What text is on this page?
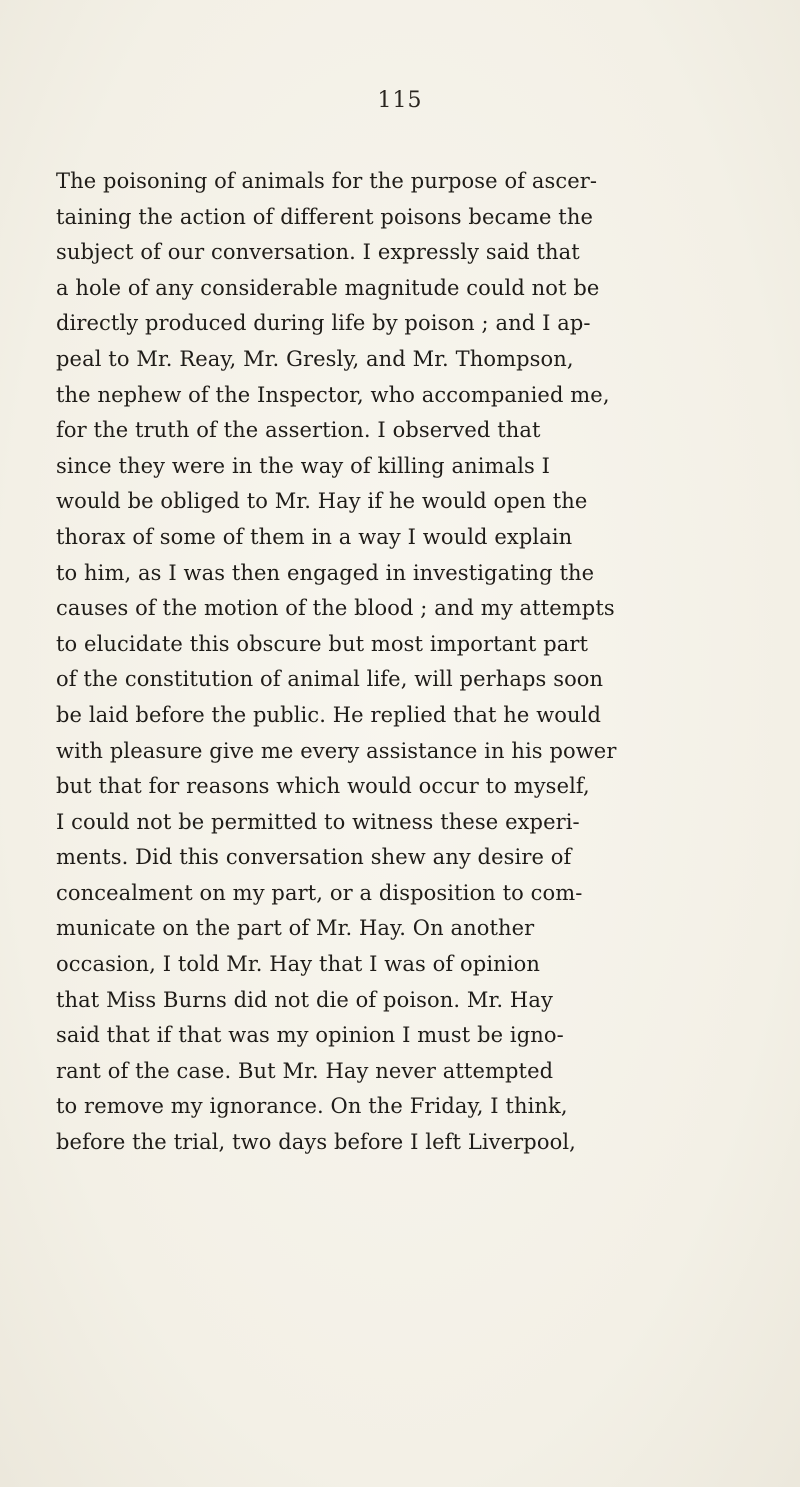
115
The poisoning of animals for the purpose of ascer-
taining the action of different poisons became the
subject of our conversation. I expressly said that
a hole of any considerable magnitude could not be
directly produced during life by poison ; and I ap-
peal to Mr. Reay, Mr. Gresly, and Mr. Thompson,
the nephew of the Inspector, who accompanied me,
for the truth of the assertion. I observed that
since they were in the way of killing animals I
would be obliged to Mr. Hay if he would open the
thorax of some of them in a way I would explain
to him, as I was then engaged in investigating the
causes of the motion of the blood ; and my attempts
to elucidate this obscure but most important part
of the constitution of animal life, will perhaps soon
be laid before the public. He replied that he would
with pleasure give me every assistance in his power
but that for reasons which would occur to myself,
I could not be permitted to witness these experi-
ments. Did this conversation shew any desire of
concealment on my part, or a disposition to com-
municate on the part of Mr. Hay. On another
occasion, I told Mr. Hay that I was of opinion
that Miss Burns did not die of poison. Mr. Hay
said that if that was my opinion I must be igno-
rant of the case. But Mr. Hay never attempted
to remove my ignorance. On the Friday, I think,
before the trial, two days before I left Liverpool,
